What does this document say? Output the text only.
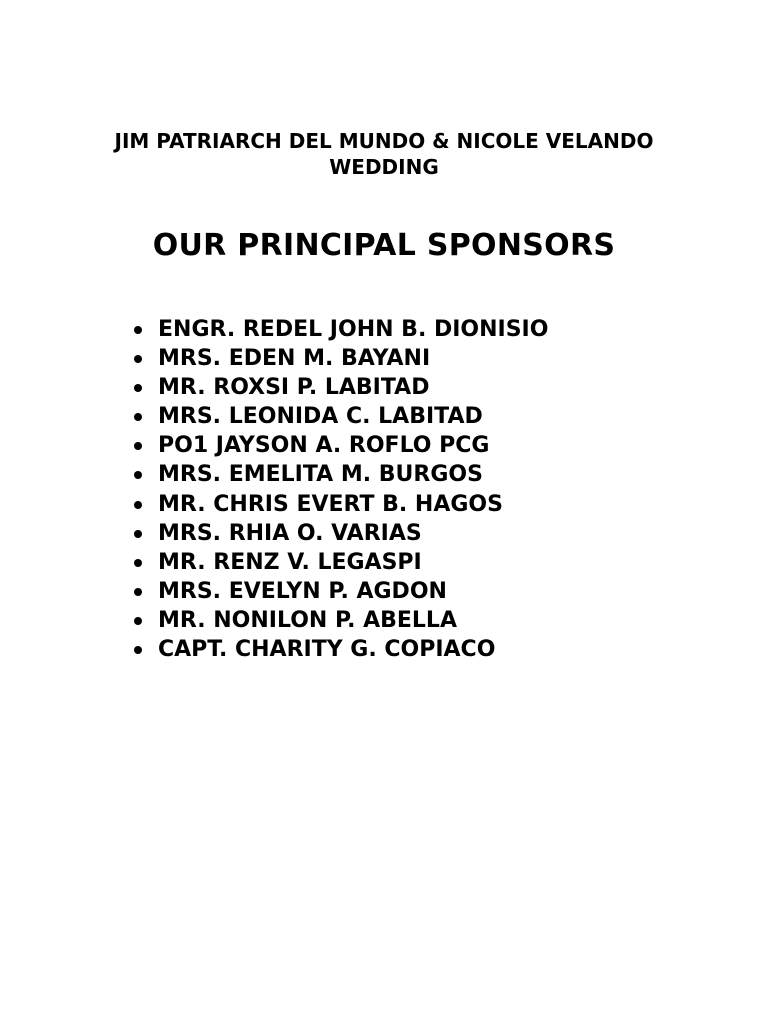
JIM PATRIARCH DEL MUNDO & NICOLE VELANDO
WEDDING
OUR PRINCIPAL SPONSORS
ENGR. REDEL JOHN B. DIONISIO
MRS. EDEN M. BAYANI
MR. ROXSI P. LABITAD
MRS. LEONIDA C. LABITAD
PO1 JAYSON A. ROFLO PCG
MRS. EMELITA M. BURGOS
MR. CHRIS EVERT B. HAGOS
MRS. RHIA O. VARIAS
MR. RENZ V. LEGASPI
MRS. EVELYN P. AGDON
MR. NONILON P. ABELLA
CAPT. CHARITY G. COPIACO
